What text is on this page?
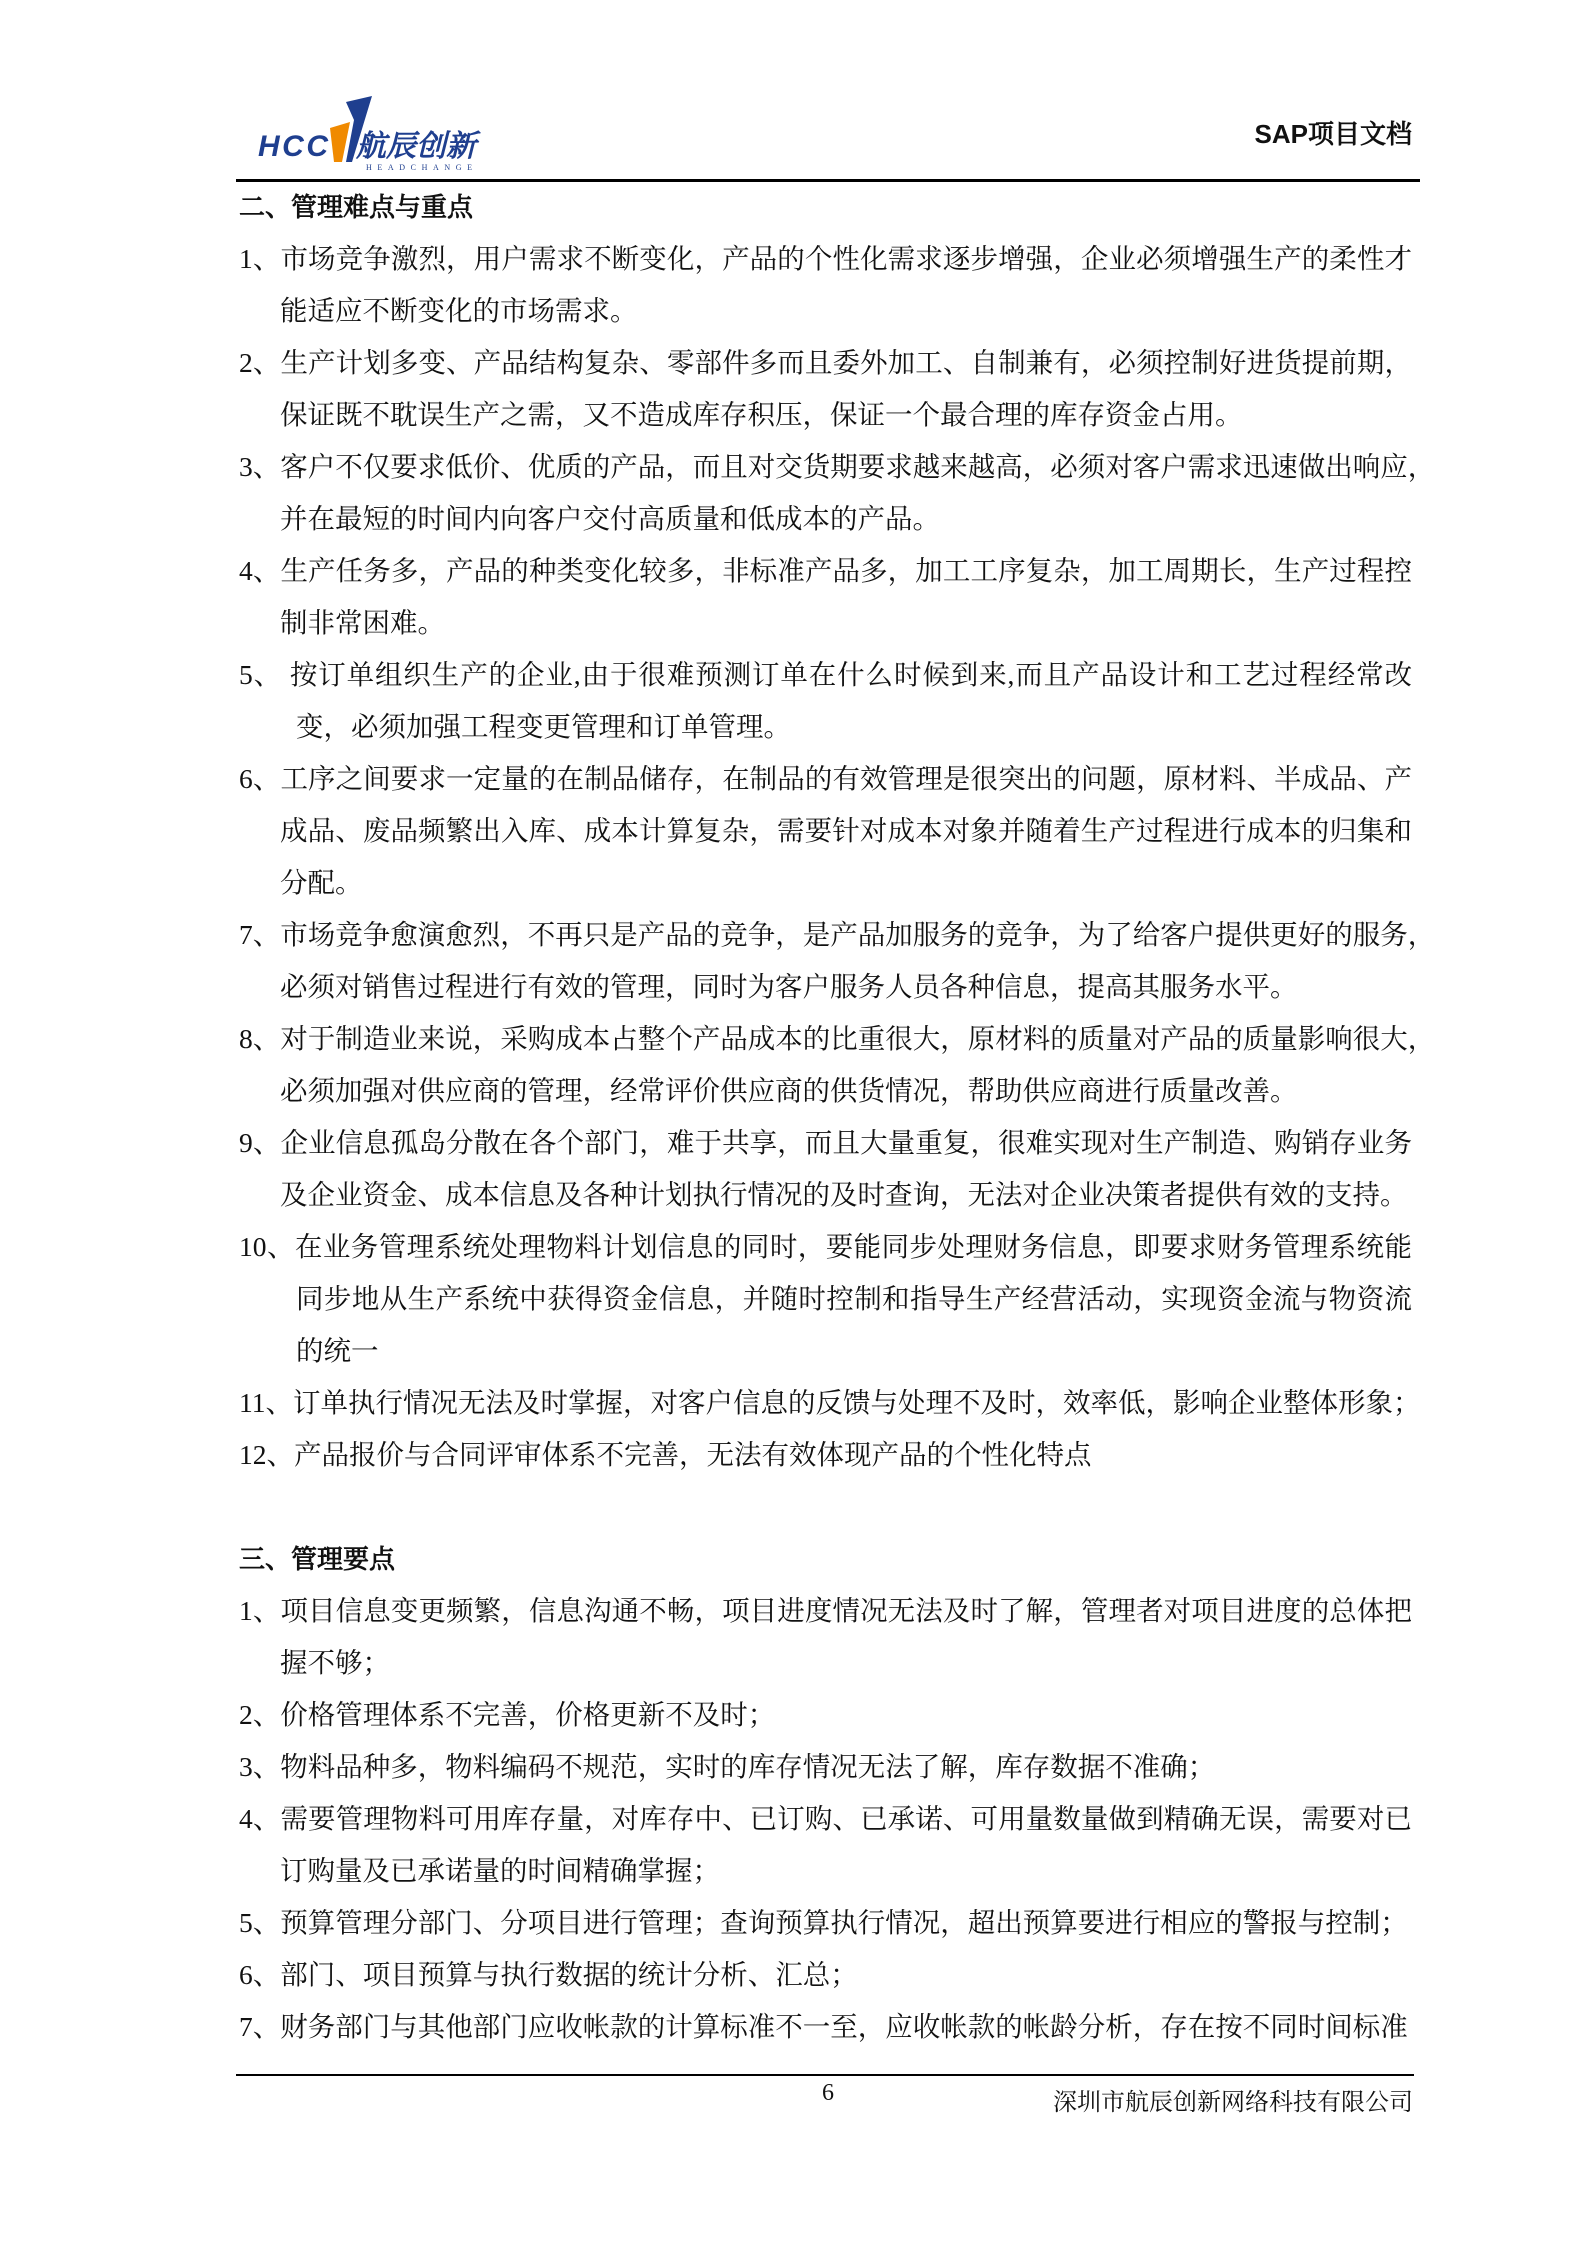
HCC 航辰创新
HEADCHANGE
SAP项目文档
二、管理难点与重点
1、市场竞争激烈，用户需求不断变化，产品的个性化需求逐步增强，企业必须增强生产的柔性才
能适应不断变化的市场需求。
2、生产计划多变、产品结构复杂、零部件多而且委外加工、自制兼有，必须控制好进货提前期，
保证既不耽误生产之需，又不造成库存积压，保证一个最合理的库存资金占用。
3、客户不仅要求低价、优质的产品，而且对交货期要求越来越高，必须对客户需求迅速做出响应，
并在最短的时间内向客户交付高质量和低成本的产品。
4、生产任务多，产品的种类变化较多，非标准产品多，加工工序复杂，加工周期长，生产过程控
制非常困难。
5、 按订单组织生产的企业,由于很难预测订单在什么时候到来,而且产品设计和工艺过程经常改
变，必须加强工程变更管理和订单管理。
6、工序之间要求一定量的在制品储存，在制品的有效管理是很突出的问题，原材料、半成品、产
成品、废品频繁出入库、成本计算复杂，需要针对成本对象并随着生产过程进行成本的归集和
分配。
7、市场竞争愈演愈烈，不再只是产品的竞争，是产品加服务的竞争，为了给客户提供更好的服务，
必须对销售过程进行有效的管理，同时为客户服务人员各种信息，提高其服务水平。
8、对于制造业来说，采购成本占整个产品成本的比重很大，原材料的质量对产品的质量影响很大，
必须加强对供应商的管理，经常评价供应商的供货情况，帮助供应商进行质量改善。
9、企业信息孤岛分散在各个部门，难于共享，而且大量重复，很难实现对生产制造、购销存业务
及企业资金、成本信息及各种计划执行情况的及时查询，无法对企业决策者提供有效的支持。
10、在业务管理系统处理物料计划信息的同时，要能同步处理财务信息，即要求财务管理系统能
同步地从生产系统中获得资金信息，并随时控制和指导生产经营活动，实现资金流与物资流
的统一
11、订单执行情况无法及时掌握，对客户信息的反馈与处理不及时，效率低，影响企业整体形象；
12、产品报价与合同评审体系不完善，无法有效体现产品的个性化特点
三、管理要点
1、项目信息变更频繁，信息沟通不畅，项目进度情况无法及时了解，管理者对项目进度的总体把
握不够；
2、价格管理体系不完善，价格更新不及时；
3、物料品种多，物料编码不规范，实时的库存情况无法了解，库存数据不准确；
4、需要管理物料可用库存量，对库存中、已订购、已承诺、可用量数量做到精确无误，需要对已
订购量及已承诺量的时间精确掌握；
5、预算管理分部门、分项目进行管理；查询预算执行情况，超出预算要进行相应的警报与控制；
6、部门、项目预算与执行数据的统计分析、汇总；
7、财务部门与其他部门应收帐款的计算标准不一至，应收帐款的帐龄分析，存在按不同时间标准
6	深圳市航辰创新网络科技有限公司
